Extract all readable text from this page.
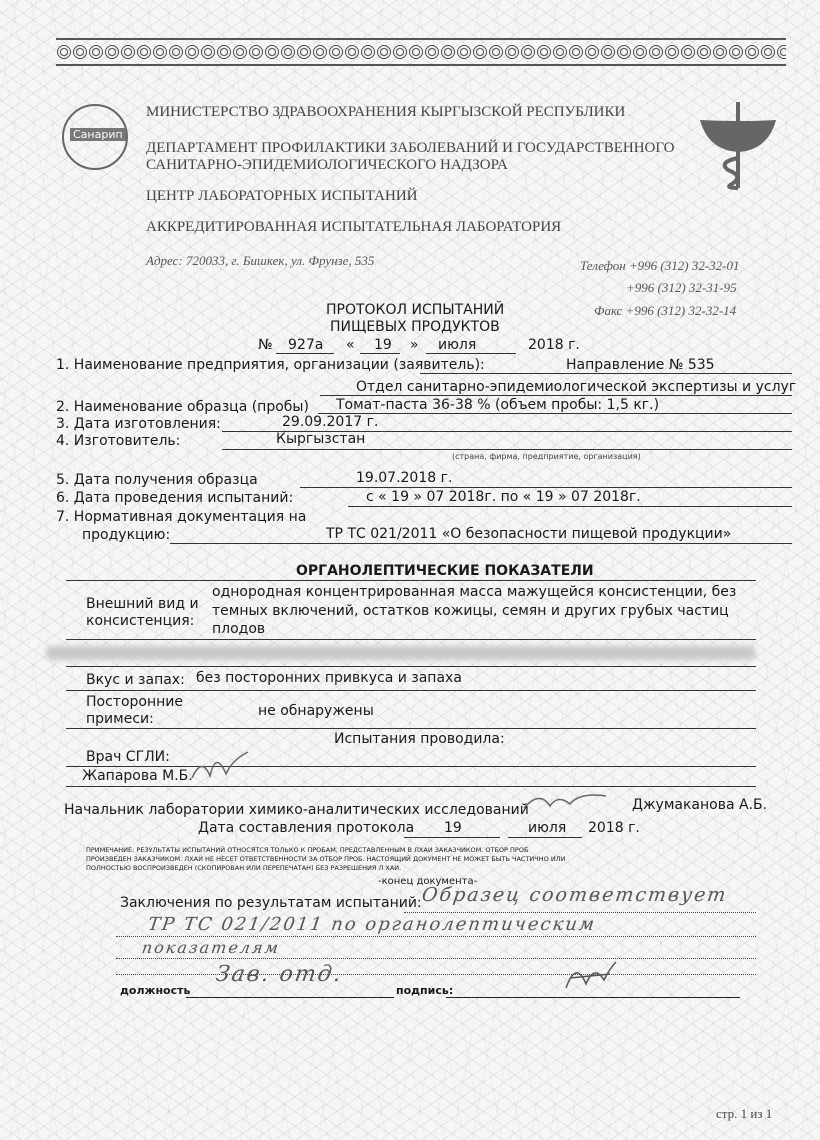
Санарип
МИНИСТЕРСТВО ЗДРАВООХРАНЕНИЯ КЫРГЫЗСКОЙ РЕСПУБЛИКИ
ДЕПАРТАМЕНТ ПРОФИЛАКТИКИ ЗАБОЛЕВАНИЙ И ГОСУДАРСТВЕННОГО
САНИТАРНО-ЭПИДЕМИОЛОГИЧЕСКОГО НАДЗОРА
ЦЕНТР ЛАБОРАТОРНЫХ ИСПЫТАНИЙ
АККРЕДИТИРОВАННАЯ ИСПЫТАТЕЛЬНАЯ ЛАБОРАТОРИЯ
Адрес: 720033, г. Бишкек, ул. Фрунзе, 535	Телефон +996 (312) 32-32-01
+996 (312) 32-31-95
Факс +996 (312) 32-32-14
ПРОТОКОЛ ИСПЫТАНИЙ
ПИЩЕВЫХ ПРОДУКТОВ
№ 927а « 19 » июля	2018 г.
1. Наименование предприятия, организации (заявитель):	Направление № 535
Отдел санитарно-эпидемиологической экспертизы и услуг
2. Наименование образца (пробы) Томат-паста 36-38 % (объем пробы: 1,5 кг.)
3. Дата изготовления:	29.09.2017 г.
4. Изготовитель:	Кыргызстан
(страна, фирма, предприятие, организация)
5. Дата получения образца	19.07.2018 г.
6. Дата проведения испытаний:	с « 19 » 07 2018г. по « 19 » 07 2018г.
7. Нормативная документация на
продукцию:	ТР ТС 021/2011 «О безопасности пищевой продукции»
ОРГАНОЛЕПТИЧЕСКИЕ ПОКАЗАТЕЛИ
Внешний вид и
консистенция:
однородная концентрированная масса мажущейся консистенции, без
темных включений, остатков кожицы, семян и других грубых частиц
плодов
Вкус и запах: без посторонних привкуса и запаха
Посторонние
примеси:	не обнаружены
Испытания проводила:
Врач СГЛИ:
Жапарова М.Б.
Начальник лаборатории химико-аналитических исследований	Джумаканова А.Б.
Дата составления протокола 19	июля 2018 г.
ПРИМЕЧАНИЕ: РЕЗУЛЬТАТЫ ИСПЫТАНИЙ ОТНОСЯТСЯ ТОЛЬКО К ПРОБАМ, ПРЕДСТАВЛЕННЫМ В ЛХАИ ЗАКАЗЧИКОМ. ОТБОР ПРОБ
ПРОИЗВЕДЕН ЗАКАЗЧИКОМ. ЛХАИ НЕ НЕСЕТ ОТВЕТСТВЕННОСТИ ЗА ОТБОР ПРОБ. НАСТОЯЩИЙ ДОКУМЕНТ НЕ МОЖЕТ БЫТЬ ЧАСТИЧНО ИЛИ
ПОЛНОСТЬЮ ВОСПРОИЗВЕДЕН (СКОПИРОВАН ИЛИ ПЕРЕПЕЧАТАН) БЕЗ РАЗРЕШЕНИЯ Л ХАИ.
-конец документа-
Заключения по результатам испытаний:
Образец соответствует
ТР ТС 021/2011 по органолептическим
показателям
должность
Зав. отд.
подпись:
стр. 1 из 1
